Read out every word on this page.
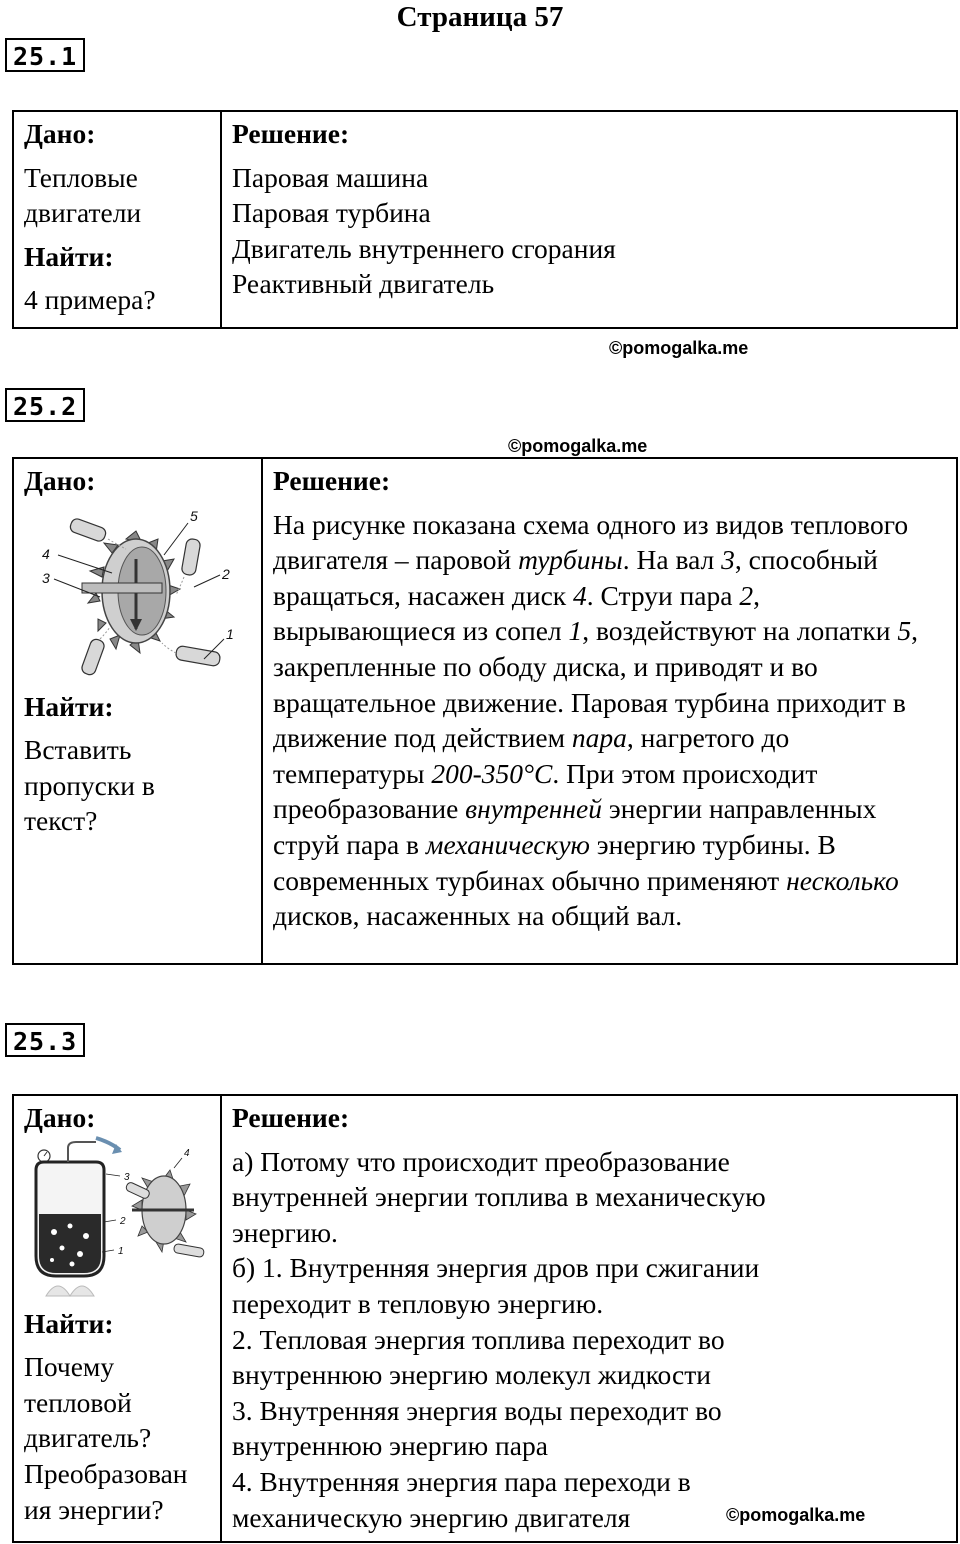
Страница 57
25.1
Дано:
Тепловые
двигатели
Найти:
4 примера?

Решение:
Паровая машина
Паровая турбина
Двигатель внутреннего сгорания
Реактивный двигатель
©pomogalka.me
25.2
©pomogalka.me
Дано:
1
2
3
4
5
Найти:
Вставить
пропуски в
текст?

Решение:
На рисунке показана схема одного из видов теплового двигателя – паровой турбины. На вал 3, способный вращаться, насажен диск 4. Струи пара 2, вырывающиеся из сопел 1, воздействуют на лопатки 5, закрепленные по ободу диска, и приводят и во вращательное движение. Паровая турбина приходит в движение под действием пара, нагретого до температуры 200-350°С. При этом происходит преобразование внутренней энергии направленных струй пара в механическую энергию турбины. В современных турбинах обычно применяют несколько дисков, насаженных на общий вал.
25.3
Дано:
1
2
3
4
Найти:
Почему
тепловой
двигатель?
Преобразован
ия энергии?

Решение:
а) Потому что происходит преобразование
внутренней энергии топлива в механическую
энергию.
б) 1. Внутренняя энергия дров при сжигании
переходит в тепловую энергию.
2. Тепловая энергия топлива переходит во
внутреннюю энергию молекул жидкости
3. Внутренняя энергия воды переходит во
внутреннюю энергию пара
4. Внутренняя энергия пара переходи в
механическую энергию двигателя	©pomogalka.me
